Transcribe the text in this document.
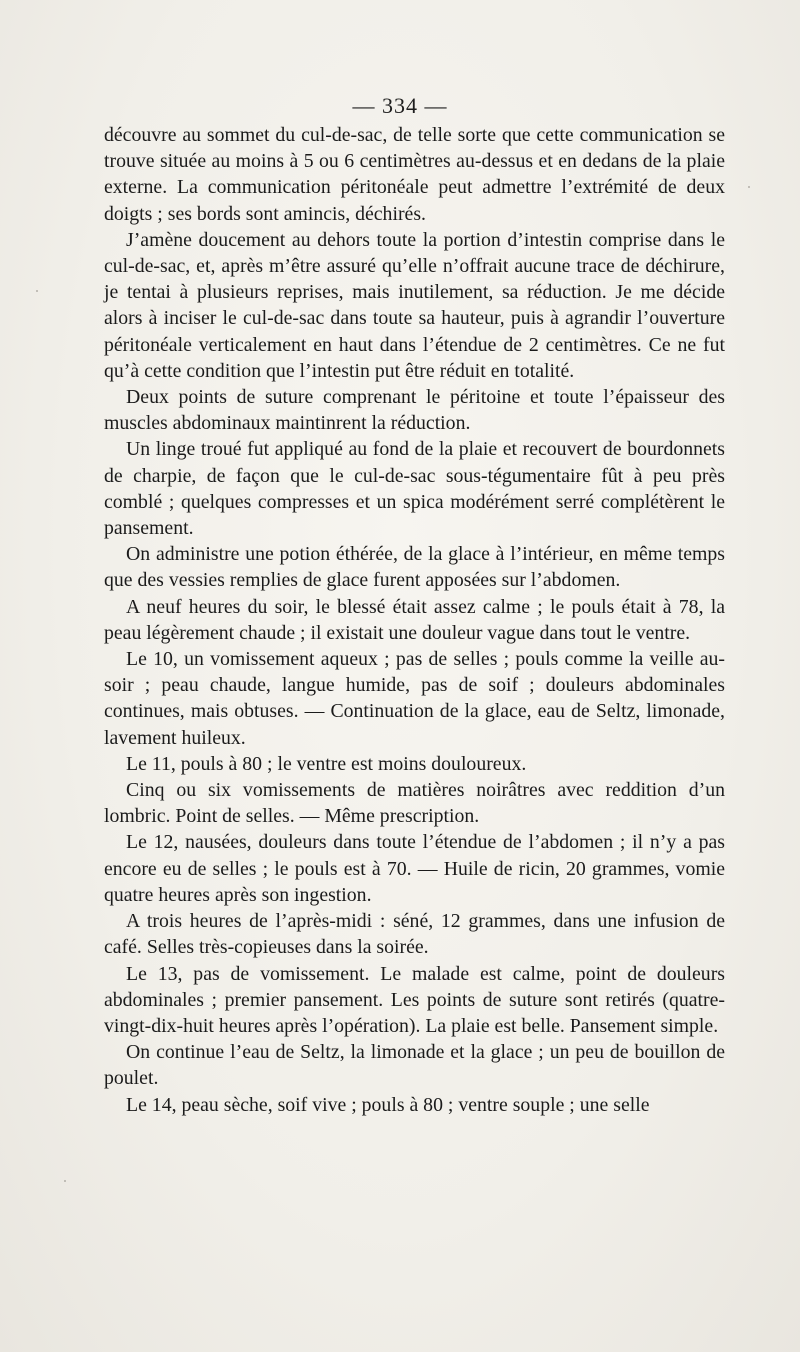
— 334 —

découvre au sommet du cul-de-sac, de telle sorte que cette communication se trouve située au moins à 5 ou 6 centimètres au-dessus et en dedans de la plaie externe. La communication péritonéale peut admettre l’extrémité de deux doigts ; ses bords sont amincis, déchirés.

J’amène doucement au dehors toute la portion d’intestin comprise dans le cul-de-sac, et, après m’être assuré qu’elle n’offrait aucune trace de déchirure, je tentai à plusieurs reprises, mais inutilement, sa réduction. Je me décide alors à inciser le cul-de-sac dans toute sa hauteur, puis à agrandir l’ouverture péritonéale verticalement en haut dans l’étendue de 2 centimètres. Ce ne fut qu’à cette condition que l’intestin put être réduit en totalité.

Deux points de suture comprenant le péritoine et toute l’épaisseur des muscles abdominaux maintinrent la réduction.

Un linge troué fut appliqué au fond de la plaie et recouvert de bourdonnets de charpie, de façon que le cul-de-sac sous-tégumentaire fût à peu près comblé ; quelques compresses et un spica modérément serré complétèrent le pansement.

On administre une potion éthérée, de la glace à l’intérieur, en même temps que des vessies remplies de glace furent apposées sur l’abdomen.

A neuf heures du soir, le blessé était assez calme ; le pouls était à 78, la peau légèrement chaude ; il existait une douleur vague dans tout le ventre.

Le 10, un vomissement aqueux ; pas de selles ; pouls comme la veille au-soir ; peau chaude, langue humide, pas de soif ; douleurs abdominales continues, mais obtuses. — Continuation de la glace, eau de Seltz, limonade, lavement huileux.

Le 11, pouls à 80 ; le ventre est moins douloureux.

Cinq ou six vomissements de matières noirâtres avec reddition d’un lombric. Point de selles. — Même prescription.

Le 12, nausées, douleurs dans toute l’étendue de l’abdomen ; il n’y a pas encore eu de selles ; le pouls est à 70. — Huile de ricin, 20 grammes, vomie quatre heures après son ingestion.

A trois heures de l’après-midi : séné, 12 grammes, dans une infusion de café. Selles très-copieuses dans la soirée.

Le 13, pas de vomissement. Le malade est calme, point de douleurs abdominales ; premier pansement. Les points de suture sont retirés (quatre-vingt-dix-huit heures après l’opération). La plaie est belle. Pansement simple.

On continue l’eau de Seltz, la limonade et la glace ; un peu de bouillon de poulet.

Le 14, peau sèche, soif vive ; pouls à 80 ; ventre souple ; une selle
